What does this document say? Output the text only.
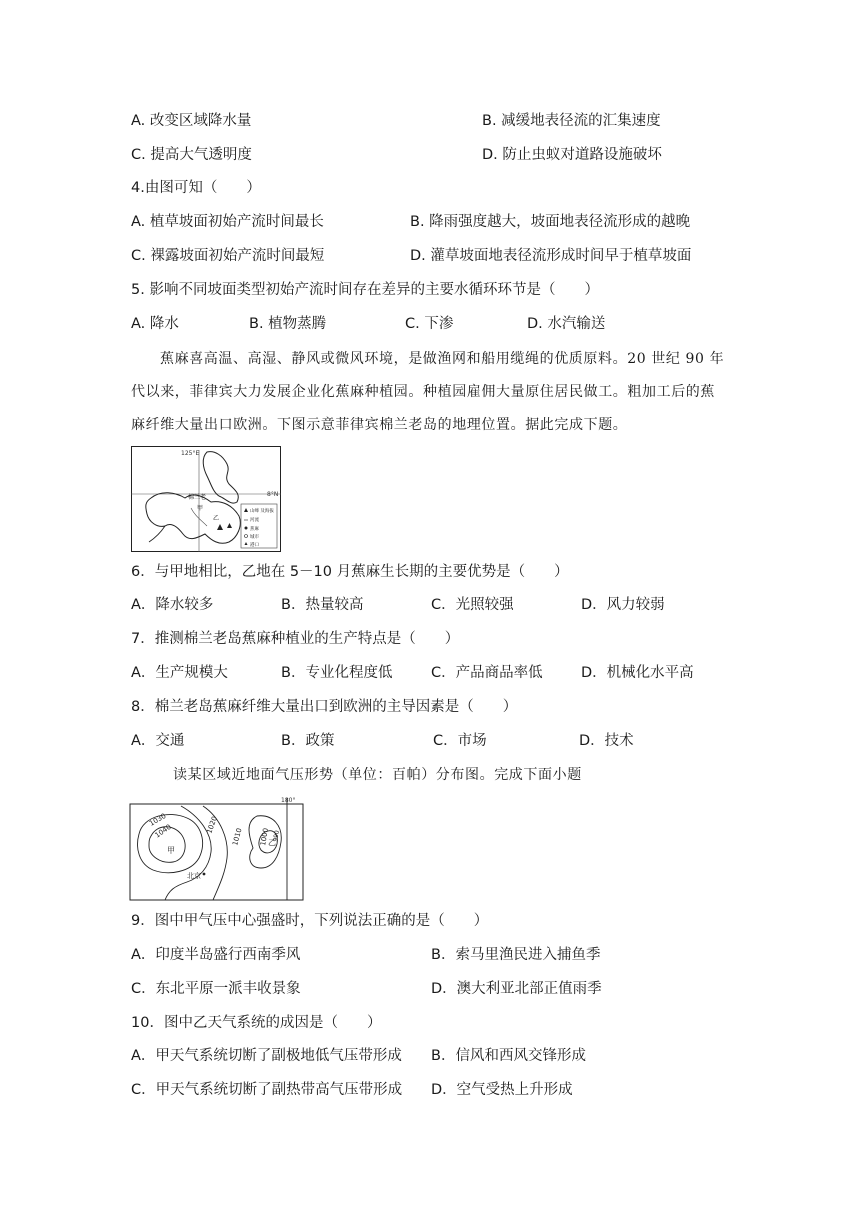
A. 改变区域降水量	B. 减缓地表径流的汇集速度
C. 提高大气透明度	D. 防止虫蚁对道路设施破坏
4.由图可知（　　）
A. 植草坡面初始产流时间最长	B. 降雨强度越大，坡面地表径流形成的越晚
C. 裸露坡面初始产流时间最短	D. 灌草坡面地表径流形成时间早于植草坡面
5. 影响不同坡面类型初始产流时间存在差异的主要水循环环节是（　　）
A. 降水	B. 植物蒸腾	C. 下渗	D. 水汽输送
蕉麻喜高温、高湿、静风或微风环境，是做渔网和船用缆绳的优质原料。20 世纪 90 年
代以来，菲律宾大力发展企业化蕉麻种植园。种植园雇佣大量原住居民做工。粗加工后的蕉
麻纤维大量出口欧洲。下图示意菲律宾棉兰老岛的地理位置。据此完成下题。
125°E
8°N
棉兰老
甲
乙
山峰 及海拔
河流
蕉麻
城市
港口
6．与甲地相比，乙地在 5－10 月蕉麻生长期的主要优势是（　　）
A．降水较多	B．热量较高	C．光照较强	D．风力较弱
7．推测棉兰老岛蕉麻种植业的生产特点是（　　）
A．生产规模大	B．专业化程度低	C．产品商品率低	D．机械化水平高
8．棉兰老岛蕉麻纤维大量出口到欧洲的主导因素是（　　）
A．交通	B．政策	C．市场	D．技术
读某区域近地面气压形势（单位：百帕）分布图。完成下面小题
180°
1030
1040	1020
1010 1000 990
甲
乙
北京
9．图中甲气压中心强盛时，下列说法正确的是（　　）
A．印度半岛盛行西南季风	B．索马里渔民进入捕鱼季
C．东北平原一派丰收景象	D．澳大利亚北部正值雨季
10．图中乙天气系统的成因是（　　）
A．甲天气系统切断了副极地低气压带形成 B．信风和西风交锋形成
C．甲天气系统切断了副热带高气压带形成 D．空气受热上升形成
